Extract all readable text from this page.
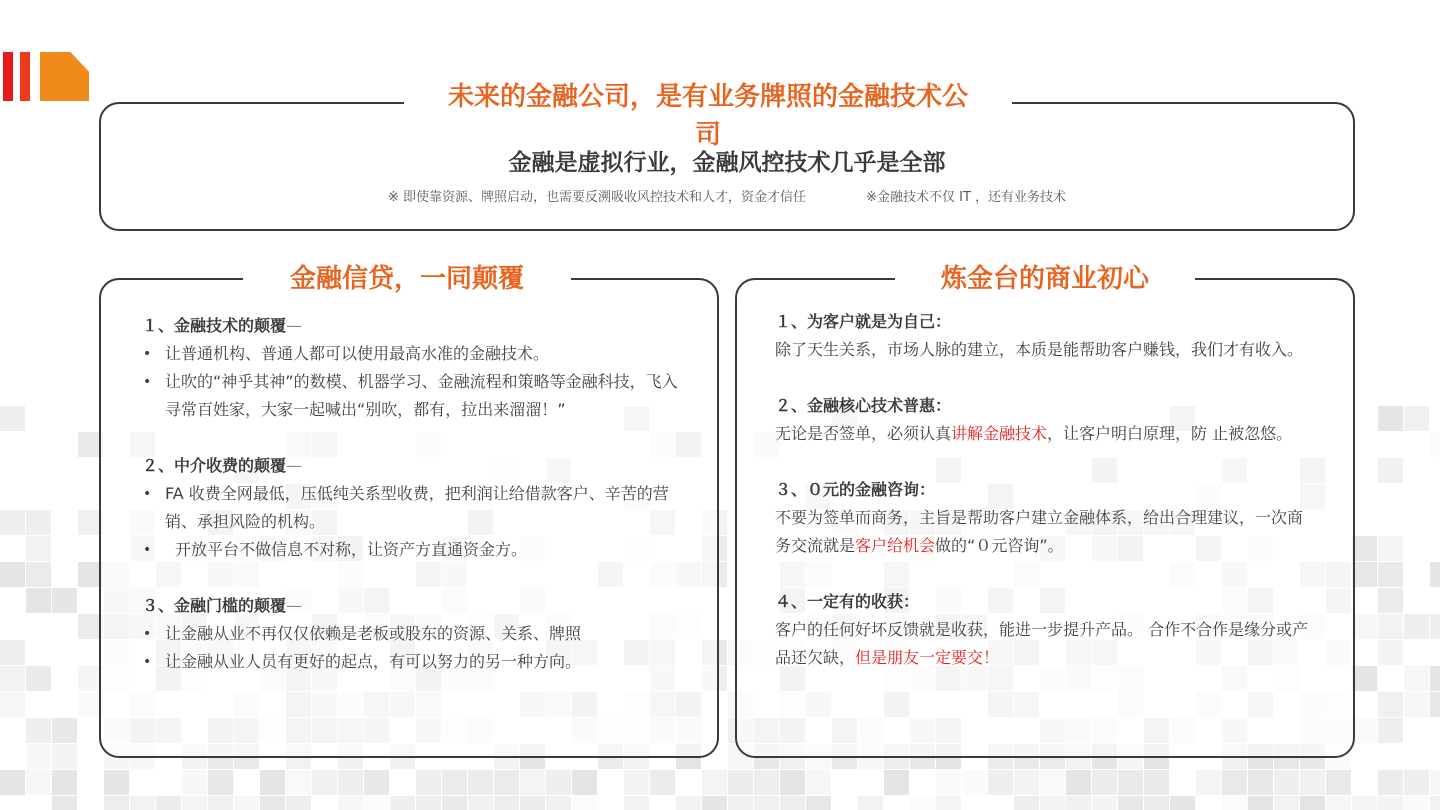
未来的金融公司，是有业务牌照的金融技术公
司
金融是虚拟行业，金融风控技术几乎是全部
※ 即使靠资源、牌照启动，也需要反溯吸收风控技术和人才，资金才信任	※金融技术不仅 IT ，还有业务技术
金融信贷，一同颠覆
１、金融技术的颠覆—
• 让普通机构、普通人都可以使用最高水准的金融技术。
• 让吹的“神乎其神”的数模、机器学习、金融流程和策略等金融科技，飞入寻常百姓家，大家一起喊出“别吹，都有，拉出来溜溜！”
２、中介收费的颠覆—
• FA 收费全网最低，压低纯关系型收费，把利润让给借款客户、辛苦的营销、承担风险的机构。
• 开放平台不做信息不对称，让资产方直通资金方。
３、金融门槛的颠覆—
• 让金融从业不再仅仅依赖是老板或股东的资源、关系、牌照
• 让金融从业人员有更好的起点，有可以努力的另一种方向。
炼金台的商业初心
１、为客户就是为自己：
除了天生关系，市场人脉的建立，本质是能帮助客户赚钱，我们才有收入。
２、金融核心技术普惠：
无论是否签单，必须认真讲解金融技术，让客户明白原理，防 止被忽悠。
３、０元的金融咨询：
不要为签单而商务，主旨是帮助客户建立金融体系，给出合理建议，一次商务交流就是客户给机会做的“０元咨询”。
４、一定有的收获：
客户的任何好坏反馈就是收获，能进一步提升产品。 合作不合作是缘分或产品还欠缺，但是朋友一定要交！
